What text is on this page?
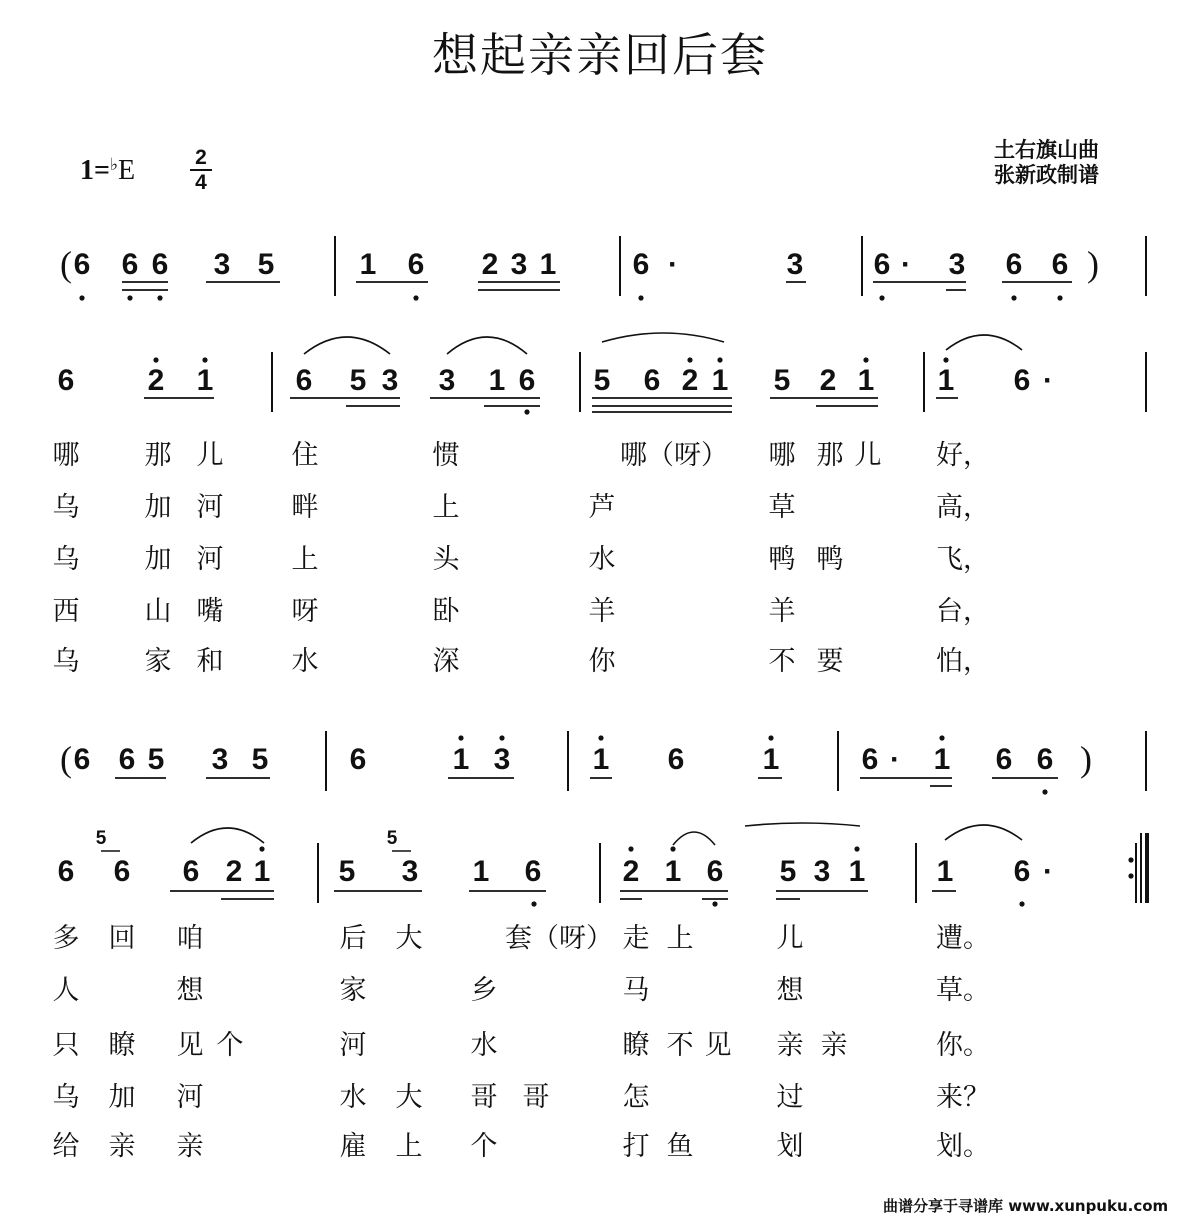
想起亲亲回后套
1=♭E	2
4
土右旗山曲
张新政制谱
( 6 6 6 3 5	1 6 2 3 1	6 ·	3 6 · 3 6 6 )
6 2 1	6 5 3 3 1 6 5 6 2 1 5 2 1 1 6 ·
( 6 6 5 3 5	6	1 3	1 6	1	6 · 1 6 6 )
6
5
6 6 2 1 5
5
3 1 6	2 1 6 5 3 1 1 6 ·
哪 那 儿	住	惯	哪（呀） 哪 那 儿 好，
乌 加 河	畔	上	芦	草	高，
乌 加 河	上	头	水	鸭 鸭	飞，
西 山 嘴	呀	卧	羊	羊	台，
乌 家 和	水	深	你	不 要	怕，
多 回 咱	后 大	套（呀） 走 上	儿	遭。
人	想	家	乡	马	想	草。
只 瞭 见 个	河	水	瞭 不 见 亲 亲	你。
乌 加 河	水 大 哥 哥	怎	过	来？
给 亲 亲	雇 上 个	打 鱼	划	划。
曲谱分享于寻谱库 www.xunpuku.com
